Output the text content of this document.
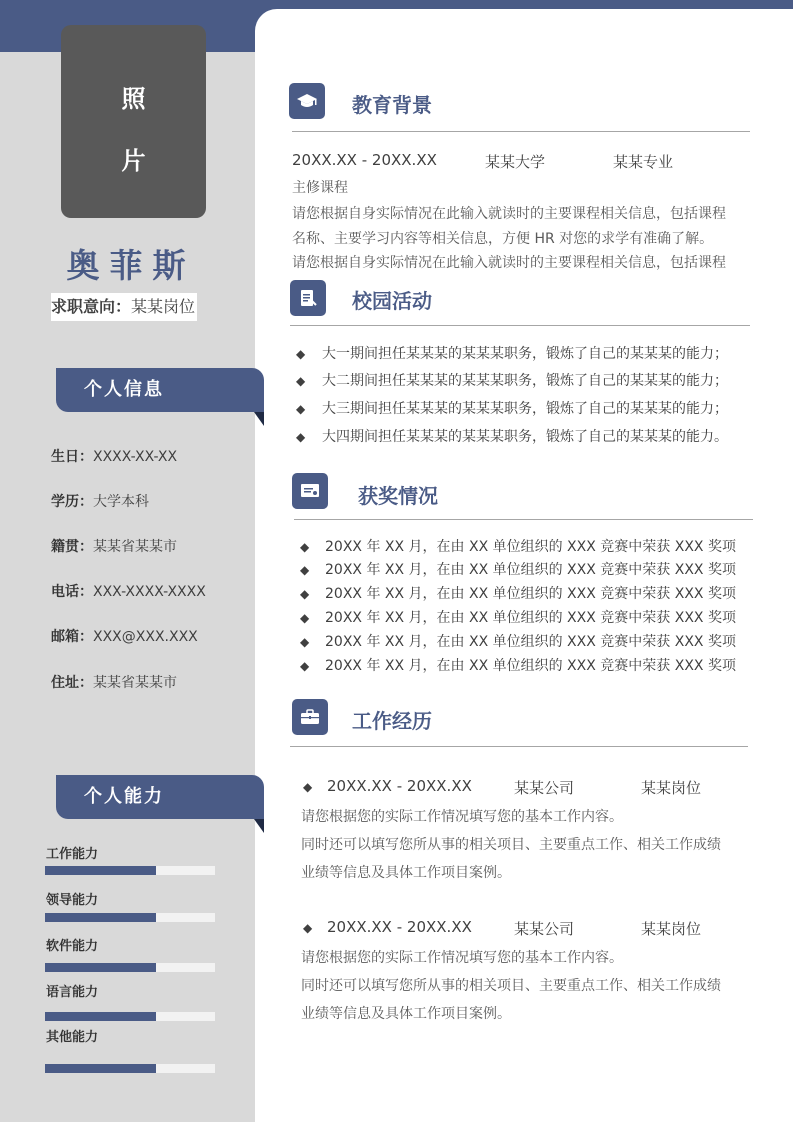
照
片
奥菲斯
求职意向：某某岗位
个人信息
生日：XXXX-XX-XX
学历：大学本科
籍贯：某某省某某市
电话：XXX-XXXX-XXXX
邮箱：XXX@XXX.XXX
住址：某某省某某市
个人能力
工作能力
领导能力
软件能力
语言能力
其他能力
教育背景
20XX.XX - 20XX.XX	某某大学	某某专业
主修课程
请您根据自身实际情况在此输入就读时的主要课程相关信息，包括课程
名称、主要学习内容等相关信息，方便 HR 对您的求学有准确了解。
请您根据自身实际情况在此输入就读时的主要课程相关信息，包括课程
校园活动
◆ 大一期间担任某某某的某某某职务，锻炼了自己的某某某的能力；
◆ 大二期间担任某某某的某某某职务，锻炼了自己的某某某的能力；
◆ 大三期间担任某某某的某某某职务，锻炼了自己的某某某的能力；
◆ 大四期间担任某某某的某某某职务，锻炼了自己的某某某的能力。
获奖情况
◆ 20XX 年 XX 月，在由 XX 单位组织的 XXX 竞赛中荣获 XXX 奖项
◆ 20XX 年 XX 月，在由 XX 单位组织的 XXX 竞赛中荣获 XXX 奖项
◆ 20XX 年 XX 月，在由 XX 单位组织的 XXX 竞赛中荣获 XXX 奖项
◆ 20XX 年 XX 月，在由 XX 单位组织的 XXX 竞赛中荣获 XXX 奖项
◆ 20XX 年 XX 月，在由 XX 单位组织的 XXX 竞赛中荣获 XXX 奖项
◆ 20XX 年 XX 月，在由 XX 单位组织的 XXX 竞赛中荣获 XXX 奖项
工作经历
◆ 20XX.XX - 20XX.XX	某某公司	某某岗位
请您根据您的实际工作情况填写您的基本工作内容。
同时还可以填写您所从事的相关项目、主要重点工作、相关工作成绩
业绩等信息及具体工作项目案例。
◆ 20XX.XX - 20XX.XX	某某公司	某某岗位
请您根据您的实际工作情况填写您的基本工作内容。
同时还可以填写您所从事的相关项目、主要重点工作、相关工作成绩
业绩等信息及具体工作项目案例。
